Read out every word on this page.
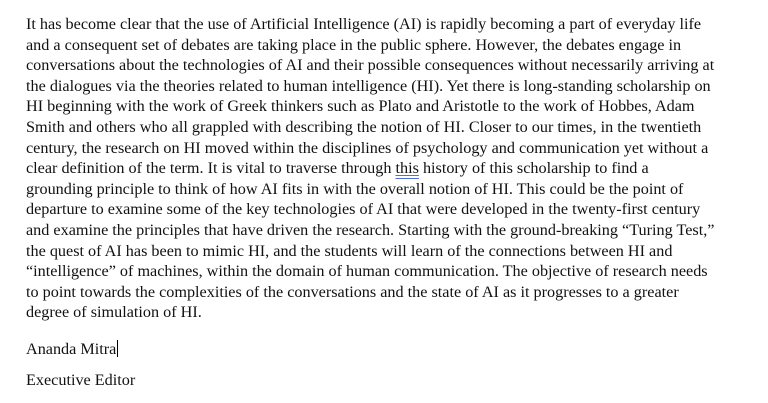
It has become clear that the use of Artificial Intelligence (AI) is rapidly becoming a part of everyday life
and a consequent set of debates are taking place in the public sphere. However, the debates engage in
conversations about the technologies of AI and their possible consequences without necessarily arriving at
the dialogues via the theories related to human intelligence (HI). Yet there is long-standing scholarship on
HI beginning with the work of Greek thinkers such as Plato and Aristotle to the work of Hobbes, Adam
Smith and others who all grappled with describing the notion of HI. Closer to our times, in the twentieth
century, the research on HI moved within the disciplines of psychology and communication yet without a
clear definition of the term. It is vital to traverse through this history of this scholarship to find a
grounding principle to think of how AI fits in with the overall notion of HI. This could be the point of
departure to examine some of the key technologies of AI that were developed in the twenty-first century
and examine the principles that have driven the research. Starting with the ground-breaking “Turing Test,”
the quest of AI has been to mimic HI, and the students will learn of the connections between HI and
“intelligence” of machines, within the domain of human communication. The objective of research needs
to point towards the complexities of the conversations and the state of AI as it progresses to a greater
degree of simulation of HI.

Ananda Mitra

Executive Editor
